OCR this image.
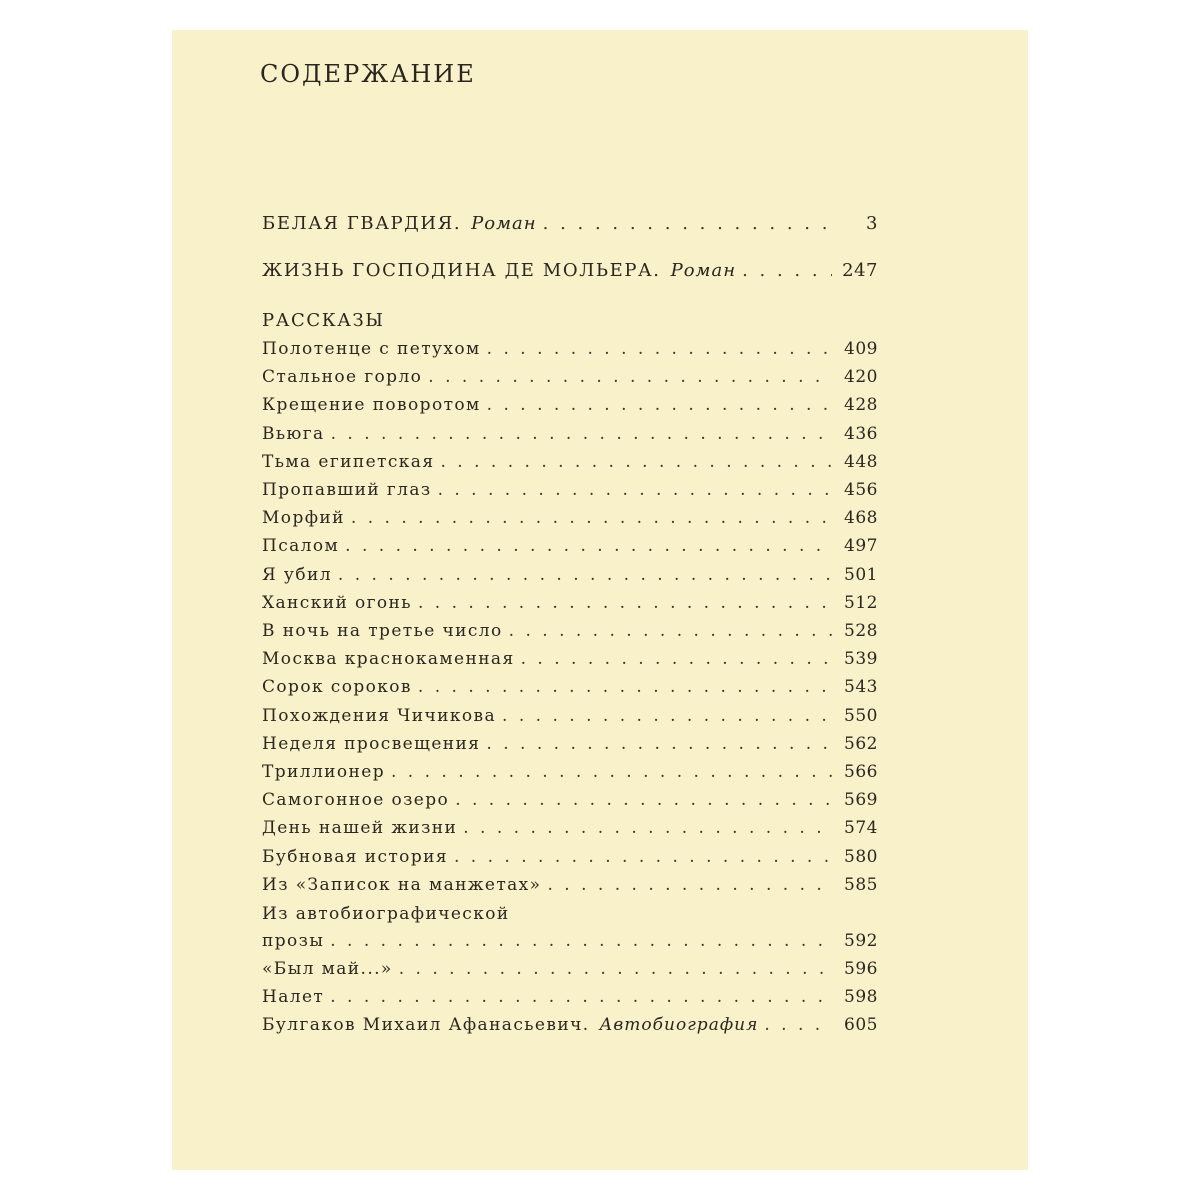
СОДЕРЖАНИЕ
БЕЛАЯ ГВАРДИЯ. Роман . . .	3
ЖИЗНЬ ГОСПОДИНА ДЕ МОЛЬЕРА. Роман . . .	247
РАССКАЗЫ
Полотенце с петухом . . .	409
Стальное горло . . .	420
Крещение поворотом . . .	428
Вьюга . . .	436
Тьма египетская . . .	448
Пропавший глаз . . .	456
Морфий . . .	468
Псалом . . .	497
Я убил . . .	501
Ханский огонь . . .	512
В ночь на третье число . . .	528
Москва краснокаменная . . .	539
Сорок сороков . . .	543
Похождения Чичикова . . .	550
Неделя просвещения . . .	562
Триллионер . . .	566
Самогонное озеро . . .	569
День нашей жизни . . .	574
Бубновая история . . .	580
Из «Записок на манжетах» . . .	585
Из автобиографической
прозы . . .	592
«Был май...» . . .	596
Налет . . .	598
Булгаков Михаил Афанасьевич. Автобиография . . .	605
